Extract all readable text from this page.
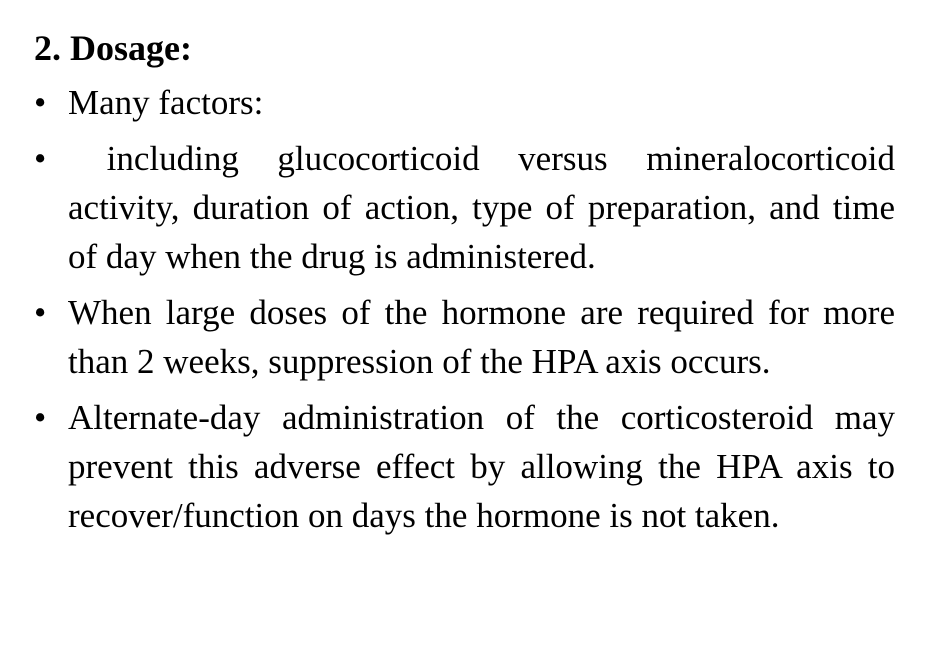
2. Dosage:
• Many factors:
• including glucocorticoid versus mineralocorticoid activity, duration of action, type of preparation, and time of day when the drug is administered.
• When large doses of the hormone are required for more than 2 weeks, suppression of the HPA axis occurs.
• Alternate-day administration of the corticosteroid may prevent this adverse effect by allowing the HPA axis to recover/function on days the hormone is not taken.
